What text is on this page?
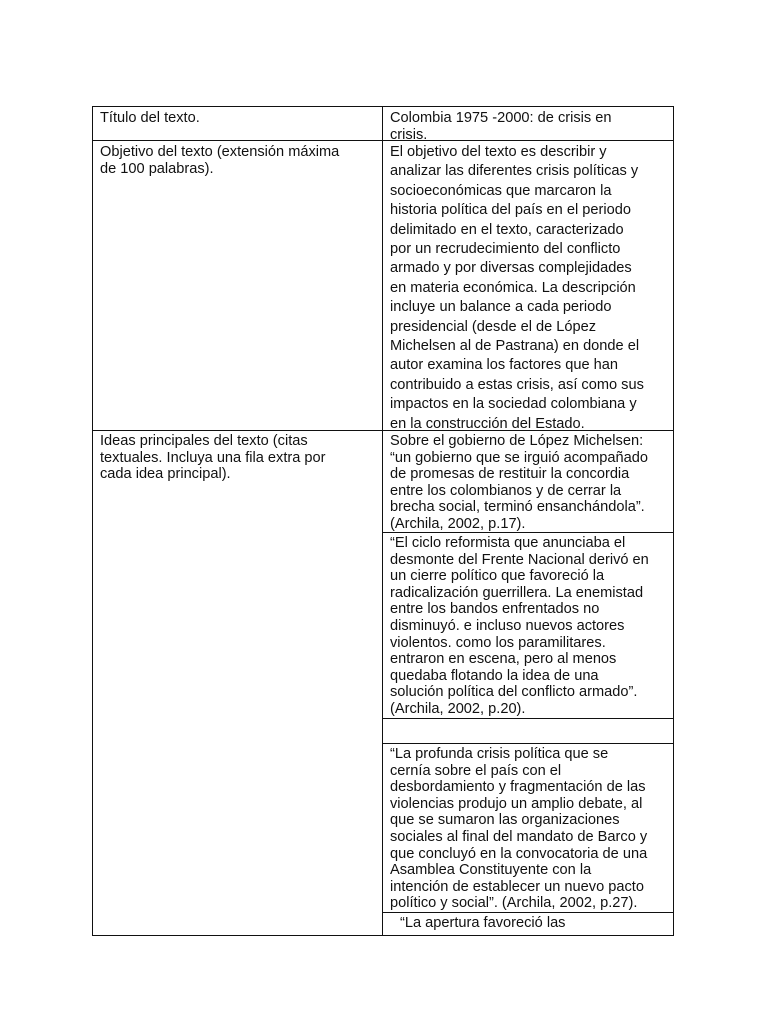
Título del texto.	Colombia 1975 -2000: de crisis en
crisis.
Objetivo del texto (extensión máxima
de 100 palabras).
El objetivo del texto es describir y
analizar las diferentes crisis políticas y
socioeconómicas que marcaron la
historia política del país en el periodo
delimitado en el texto, caracterizado
por un recrudecimiento del conflicto
armado y por diversas complejidades
en materia económica. La descripción
incluye un balance a cada periodo
presidencial (desde el de López
Michelsen al de Pastrana) en donde el
autor examina los factores que han
contribuido a estas crisis, así como sus
impactos en la sociedad colombiana y
en la construcción del Estado.
Ideas principales del texto (citas
textuales. Incluya una fila extra por
cada idea principal).
Sobre el gobierno de López Michelsen:
“un gobierno que se irguió acompañado
de promesas de restituir la concordia
entre los colombianos y de cerrar la
brecha social, terminó ensanchándola”.
(Archila, 2002, p.17).
“El ciclo reformista que anunciaba el
desmonte del Frente Nacional derivó en
un cierre político que favoreció la
radicalización guerrillera. La enemistad
entre los bandos enfrentados no
disminuyó. e incluso nuevos actores
violentos. como los paramilitares.
entraron en escena, pero al menos
quedaba flotando la idea de una
solución política del conflicto armado”.
(Archila, 2002, p.20).
“La profunda crisis política que se
cernía sobre el país con el
desbordamiento y fragmentación de las
violencias produjo un amplio debate, al
que se sumaron las organizaciones
sociales al final del mandato de Barco y
que concluyó en la convocatoria de una
Asamblea Constituyente con la
intención de establecer un nuevo pacto
político y social”. (Archila, 2002, p.27).
“La apertura favoreció las
